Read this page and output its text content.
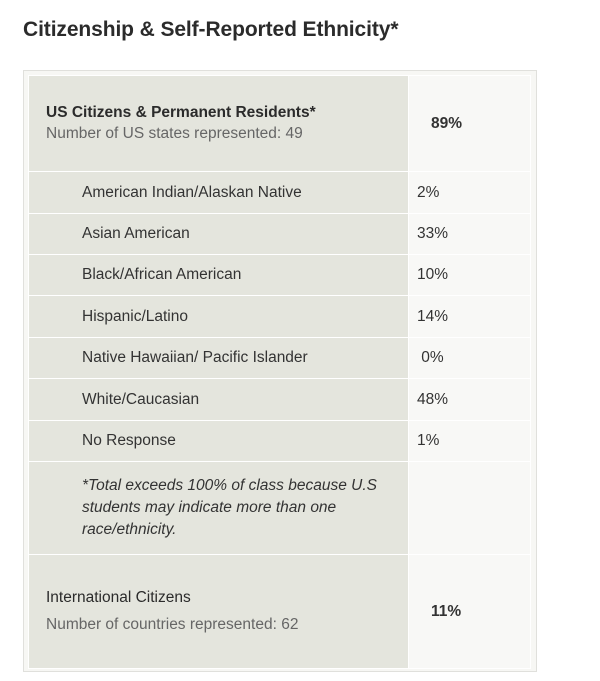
Citizenship & Self-Reported Ethnicity*
US Citizens & Permanent Residents*
Number of US states represented: 49	89%
American Indian/Alaskan Native	2%
Asian American	33%
Black/African American	10%
Hispanic/Latino	14%
Native Hawaiian/ Pacific Islander	0%
White/Caucasian	48%
No Response	1%
*Total exceeds 100% of class because U.S students may indicate more than one race/ethnicity.	

International Citizens
Number of countries represented: 62	11%
